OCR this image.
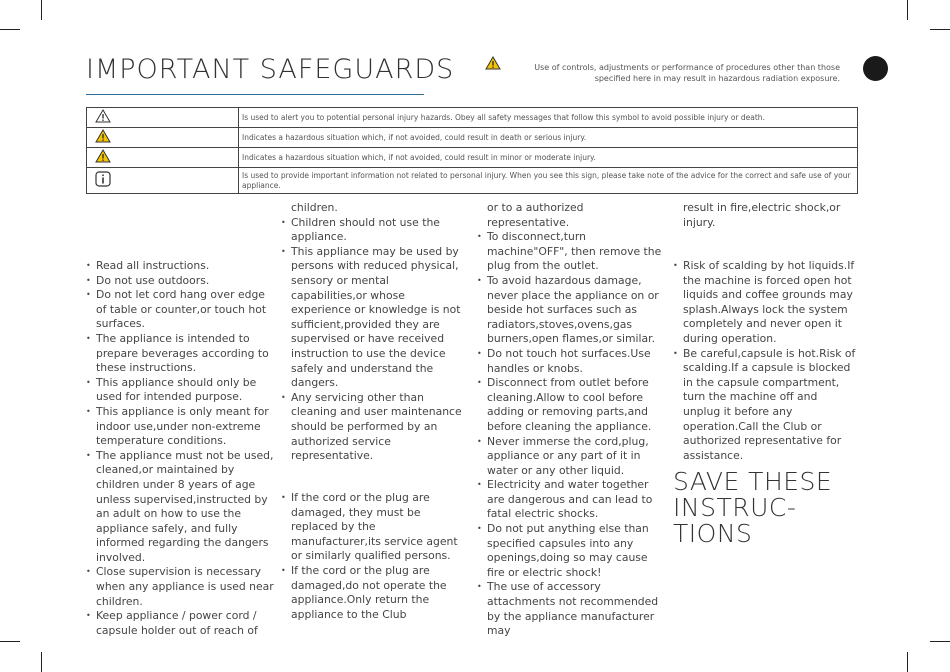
IMPORTANT SAFEGUARDS	Use of controls, adjustments or performance of procedures other than those specified here in may result in hazardous radiation exposure.
	Is used to alert you to potential personal injury hazards. Obey all safety messages that follow this symbol to avoid possible injury or death.
	Indicates a hazardous situation which, if not avoided, could result in death or serious injury.
	Indicates a hazardous situation which, if not avoided, could result in minor or moderate injury.
	Is used to provide important information not related to personal injury. When you see this sign, please take note of the advice for the correct and safe use of your appliance.
• Read all instructions.
• Do not use outdoors.
• Do not let cord hang over edge of table or counter,or touch hot surfaces.
• The appliance is intended to prepare beverages according to these instructions.
• This appliance should only be used for intended purpose.
• This appliance is only meant for indoor use,under non-extreme temperature conditions.
• The appliance must not be used, cleaned,or maintained by children under 8 years of age unless supervised,instructed by an adult on how to use the appliance safely, and fully informed regarding the dangers involved.
• Close supervision is necessary when any appliance is used near children.
• Keep appliance / power cord / capsule holder out of reach of
children.
• Children should not use the appliance.
• This appliance may be used by persons with reduced physical, sensory or mental capabilities,or whose experience or knowledge is not sufficient,provided they are supervised or have received instruction to use the device safely and understand the dangers.
• Any servicing other than cleaning and user maintenance should be performed by an authorized service representative.
• If the cord or the plug are damaged, they must be replaced by the manufacturer,its service agent or similarly qualified persons.
• If the cord or the plug are damaged,do not operate the appliance.Only return the appliance to the Club
or to a authorized representative.
• To disconnect,turn machine"OFF", then remove the plug from the outlet.
• To avoid hazardous damage, never place the appliance on or beside hot surfaces such as radiators,stoves,ovens,gas burners,open flames,or similar.
• Do not touch hot surfaces.Use handles or knobs.
• Disconnect from outlet before cleaning.Allow to cool before adding or removing parts,and before cleaning the appliance.
• Never immerse the cord,plug, appliance or any part of it in water or any other liquid.
• Electricity and water together are dangerous and can lead to fatal electric shocks.
• Do not put anything else than specified capsules into any openings,doing so may cause fire or electric shock!
• The use of accessory attachments not recommended by the appliance manufacturer may
result in fire,electric shock,or injury.
• Risk of scalding by hot liquids.If the machine is forced open hot liquids and coffee grounds may splash.Always lock the system completely and never open it during operation.
• Be careful,capsule is hot.Risk of scalding.If a capsule is blocked in the capsule compartment, turn the machine off and unplug it before any operation.Call the Club or
authorized representative for assistance.
SAVE THESE INSTRUC-TIONS
